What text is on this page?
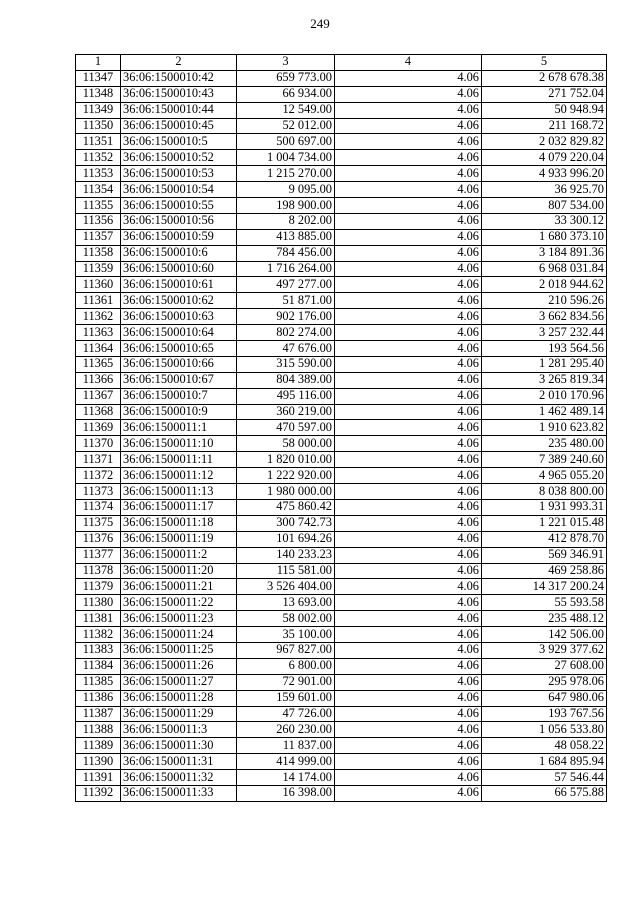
249
1	2	3	4	5
11347	36:06:1500010:42	659 773.00	4.06	2 678 678.38
11348	36:06:1500010:43	66 934.00	4.06	271 752.04
11349	36:06:1500010:44	12 549.00	4.06	50 948.94
11350	36:06:1500010:45	52 012.00	4.06	211 168.72
11351	36:06:1500010:5	500 697.00	4.06	2 032 829.82
11352	36:06:1500010:52	1 004 734.00	4.06	4 079 220.04
11353	36:06:1500010:53	1 215 270.00	4.06	4 933 996.20
11354	36:06:1500010:54	9 095.00	4.06	36 925.70
11355	36:06:1500010:55	198 900.00	4.06	807 534.00
11356	36:06:1500010:56	8 202.00	4.06	33 300.12
11357	36:06:1500010:59	413 885.00	4.06	1 680 373.10
11358	36:06:1500010:6	784 456.00	4.06	3 184 891.36
11359	36:06:1500010:60	1 716 264.00	4.06	6 968 031.84
11360	36:06:1500010:61	497 277.00	4.06	2 018 944.62
11361	36:06:1500010:62	51 871.00	4.06	210 596.26
11362	36:06:1500010:63	902 176.00	4.06	3 662 834.56
11363	36:06:1500010:64	802 274.00	4.06	3 257 232.44
11364	36:06:1500010:65	47 676.00	4.06	193 564.56
11365	36:06:1500010:66	315 590.00	4.06	1 281 295.40
11366	36:06:1500010:67	804 389.00	4.06	3 265 819.34
11367	36:06:1500010:7	495 116.00	4.06	2 010 170.96
11368	36:06:1500010:9	360 219.00	4.06	1 462 489.14
11369	36:06:1500011:1	470 597.00	4.06	1 910 623.82
11370	36:06:1500011:10	58 000.00	4.06	235 480.00
11371	36:06:1500011:11	1 820 010.00	4.06	7 389 240.60
11372	36:06:1500011:12	1 222 920.00	4.06	4 965 055.20
11373	36:06:1500011:13	1 980 000.00	4.06	8 038 800.00
11374	36:06:1500011:17	475 860.42	4.06	1 931 993.31
11375	36:06:1500011:18	300 742.73	4.06	1 221 015.48
11376	36:06:1500011:19	101 694.26	4.06	412 878.70
11377	36:06:1500011:2	140 233.23	4.06	569 346.91
11378	36:06:1500011:20	115 581.00	4.06	469 258.86
11379	36:06:1500011:21	3 526 404.00	4.06	14 317 200.24
11380	36:06:1500011:22	13 693.00	4.06	55 593.58
11381	36:06:1500011:23	58 002.00	4.06	235 488.12
11382	36:06:1500011:24	35 100.00	4.06	142 506.00
11383	36:06:1500011:25	967 827.00	4.06	3 929 377.62
11384	36:06:1500011:26	6 800.00	4.06	27 608.00
11385	36:06:1500011:27	72 901.00	4.06	295 978.06
11386	36:06:1500011:28	159 601.00	4.06	647 980.06
11387	36:06:1500011:29	47 726.00	4.06	193 767.56
11388	36:06:1500011:3	260 230.00	4.06	1 056 533.80
11389	36:06:1500011:30	11 837.00	4.06	48 058.22
11390	36:06:1500011:31	414 999.00	4.06	1 684 895.94
11391	36:06:1500011:32	14 174.00	4.06	57 546.44
11392	36:06:1500011:33	16 398.00	4.06	66 575.88
